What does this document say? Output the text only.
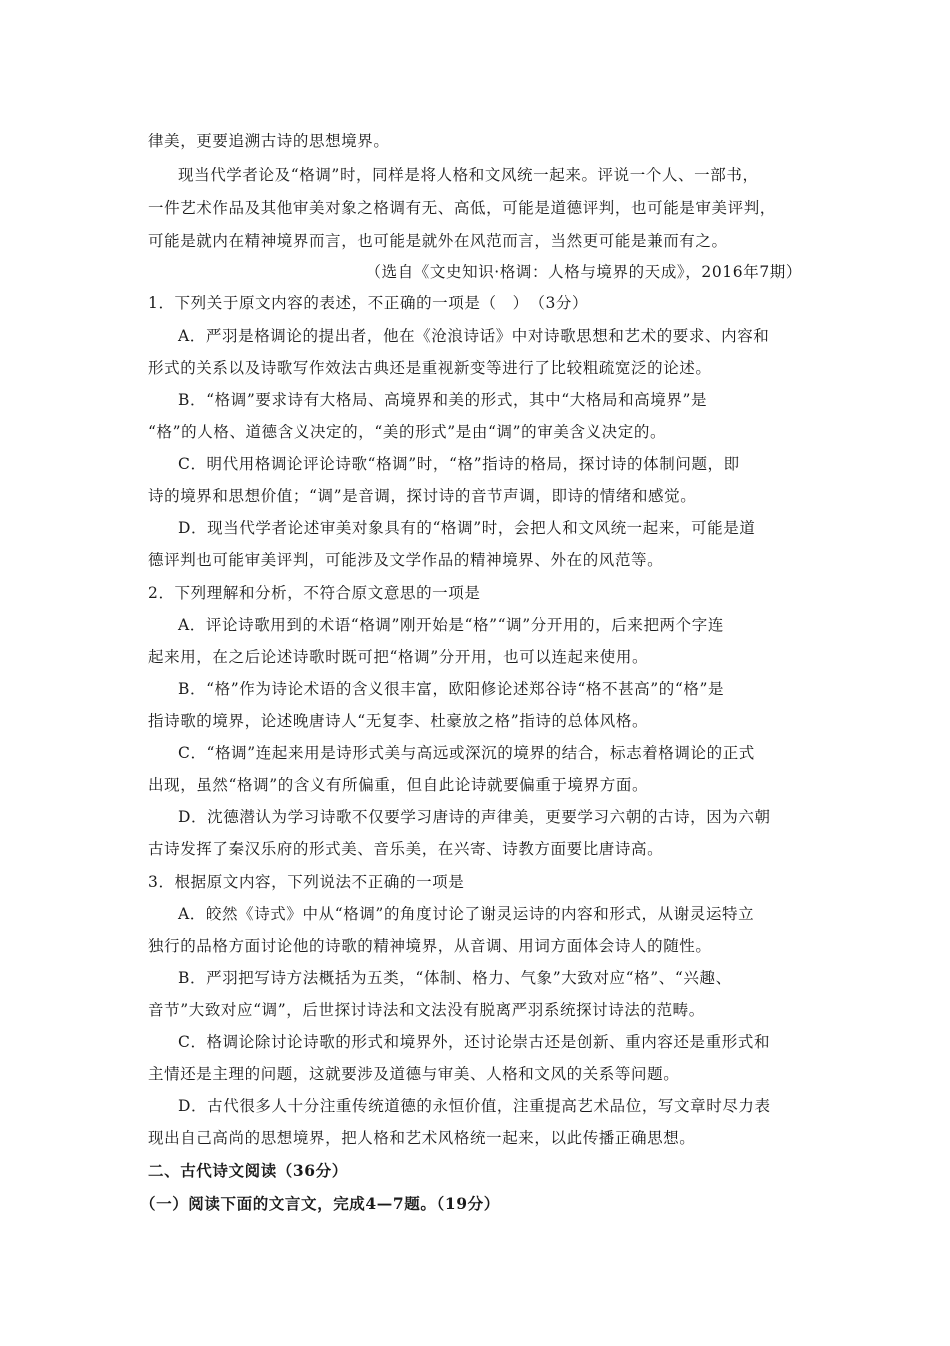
律美，更要追溯古诗的思想境界。
现当代学者论及“格调”时，同样是将人格和文风统一起来。评说一个人、一部书，
一件艺术作品及其他审美对象之格调有无、高低，可能是道德评判，也可能是审美评判，
可能是就内在精神境界而言，也可能是就外在风范而言，当然更可能是兼而有之。
（选自《文史知识·格调：人格与境界的天成》，2016年7期）
1．下列关于原文内容的表述，不正确的一项是（　）　（3分）
A．严羽是格调论的提出者，他在《沧浪诗话》中对诗歌思想和艺术的要求、内容和
形式的关系以及诗歌写作效法古典还是重视新变等进行了比较粗疏宽泛的论述。
B．“格调”要求诗有大格局、高境界和美的形式，其中“大格局和高境界”是
“格”的人格、道德含义决定的，“美的形式”是由“调”的审美含义决定的。
C．明代用格调论评论诗歌“格调”时，“格”指诗的格局，探讨诗的体制问题，即
诗的境界和思想价值；“调”是音调，探讨诗的音节声调，即诗的情绪和感觉。
D．现当代学者论述审美对象具有的“格调”时，会把人和文风统一起来，可能是道
德评判也可能审美评判，可能涉及文学作品的精神境界、外在的风范等。
2．下列理解和分析，不符合原文意思的一项是
A．评论诗歌用到的术语“格调”刚开始是“格”“调”分开用的，后来把两个字连
起来用，在之后论述诗歌时既可把“格调”分开用，也可以连起来使用。
B．“格”作为诗论术语的含义很丰富，欧阳修论述郑谷诗“格不甚高”的“格”是
指诗歌的境界，论述晚唐诗人“无复李、杜豪放之格”指诗的总体风格。
C．“格调”连起来用是诗形式美与高远或深沉的境界的结合，标志着格调论的正式
出现，虽然“格调”的含义有所偏重，但自此论诗就要偏重于境界方面。
D．沈德潜认为学习诗歌不仅要学习唐诗的声律美，更要学习六朝的古诗，因为六朝
古诗发挥了秦汉乐府的形式美、音乐美，在兴寄、诗教方面要比唐诗高。
3．根据原文内容，下列说法不正确的一项是
A．皎然《诗式》中从“格调”的角度讨论了谢灵运诗的内容和形式，从谢灵运特立
独行的品格方面讨论他的诗歌的精神境界，从音调、用词方面体会诗人的随性。
B．严羽把写诗方法概括为五类，“体制、格力、气象”大致对应“格”、“兴趣、
音节”大致对应“调”，后世探讨诗法和文法没有脱离严羽系统探讨诗法的范畴。
C．格调论除讨论诗歌的形式和境界外，还讨论崇古还是创新、重内容还是重形式和
主情还是主理的问题，这就要涉及道德与审美、人格和文风的关系等问题。
D．古代很多人十分注重传统道德的永恒价值，注重提高艺术品位，写文章时尽力表
现出自己高尚的思想境界，把人格和艺术风格统一起来，以此传播正确思想。
二、古代诗文阅读（36分）
（一）阅读下面的文言文，完成4—7题。（19分）
